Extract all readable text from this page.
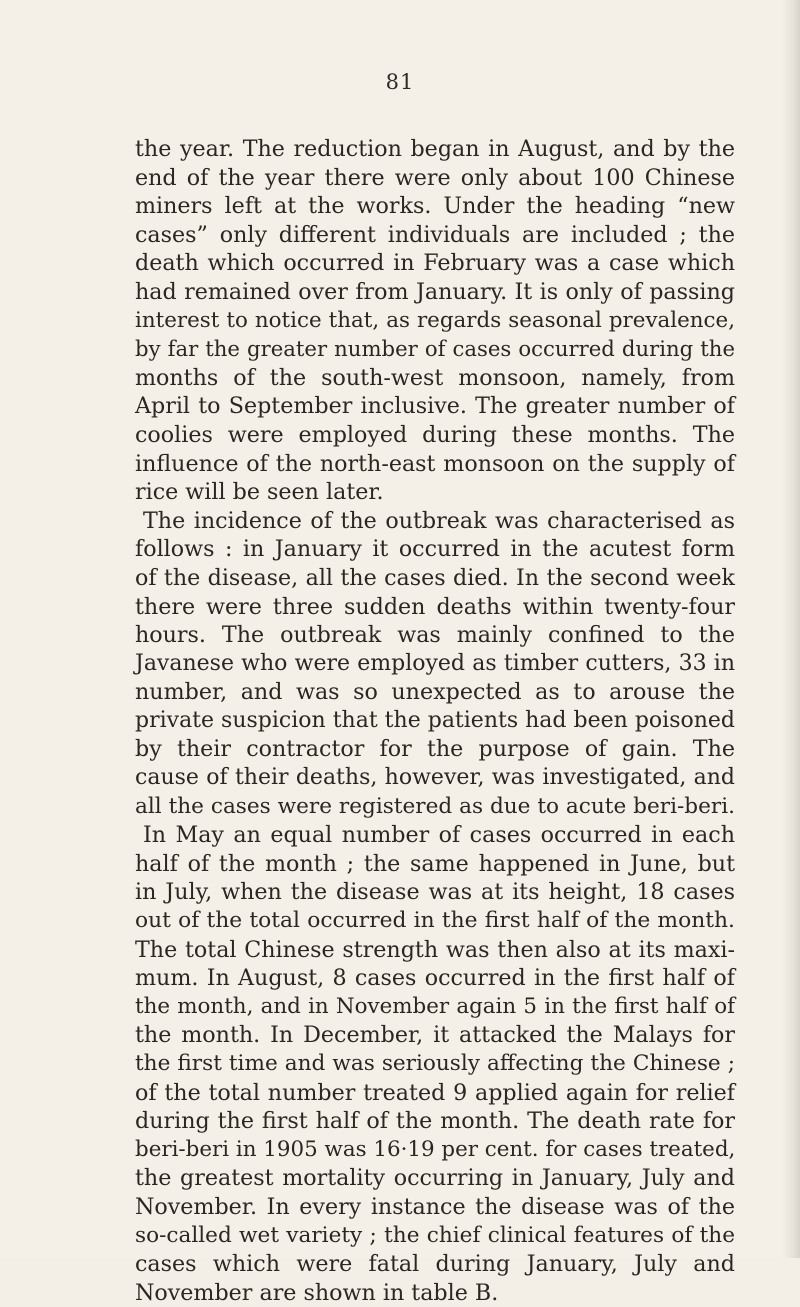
81
the year. The reduction began in August, and by the
end of the year there were only about 100 Chinese
miners left at the works. Under the heading “new
cases” only different individuals are included ; the
death which occurred in February was a case which
had remained over from January. It is only of passing
interest to notice that, as regards seasonal prevalence,
by far the greater number of cases occurred during the
months of the south-west monsoon, namely, from
April to September inclusive. The greater number of
coolies were employed during these months. The
influence of the north-east monsoon on the supply of
rice will be seen later.
The incidence of the outbreak was characterised as
follows : in January it occurred in the acutest form
of the disease, all the cases died. In the second week
there were three sudden deaths within twenty-four
hours. The outbreak was mainly confined to the
Javanese who were employed as timber cutters, 33 in
number, and was so unexpected as to arouse the
private suspicion that the patients had been poisoned
by their contractor for the purpose of gain. The
cause of their deaths, however, was investigated, and
all the cases were registered as due to acute beri-beri.
In May an equal number of cases occurred in each
half of the month ; the same happened in June, but
in July, when the disease was at its height, 18 cases
out of the total occurred in the first half of the month.
The total Chinese strength was then also at its maxi-
mum. In August, 8 cases occurred in the first half of
the month, and in November again 5 in the first half of
the month. In December, it attacked the Malays for
the first time and was seriously affecting the Chinese ;
of the total number treated 9 applied again for relief
during the first half of the month. The death rate for
beri-beri in 1905 was 16·19 per cent. for cases treated,
the greatest mortality occurring in January, July and
November. In every instance the disease was of the
so-called wet variety ; the chief clinical features of the
cases which were fatal during January, July and
November are shown in table B.
